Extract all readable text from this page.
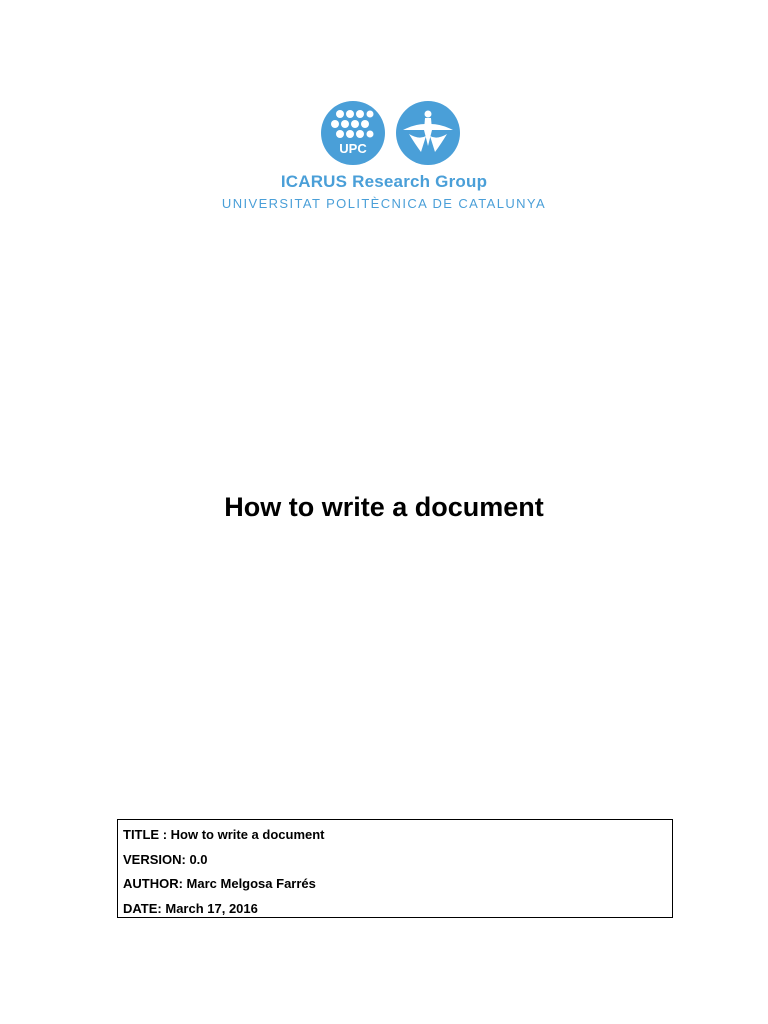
UPC
ICARUS Research Group
UNIVERSITAT POLITÈCNICA DE CATALUNYA
How to write a document
TITLE : How to write a document
VERSION: 0.0
AUTHOR: Marc Melgosa Farrés
DATE: March 17, 2016
